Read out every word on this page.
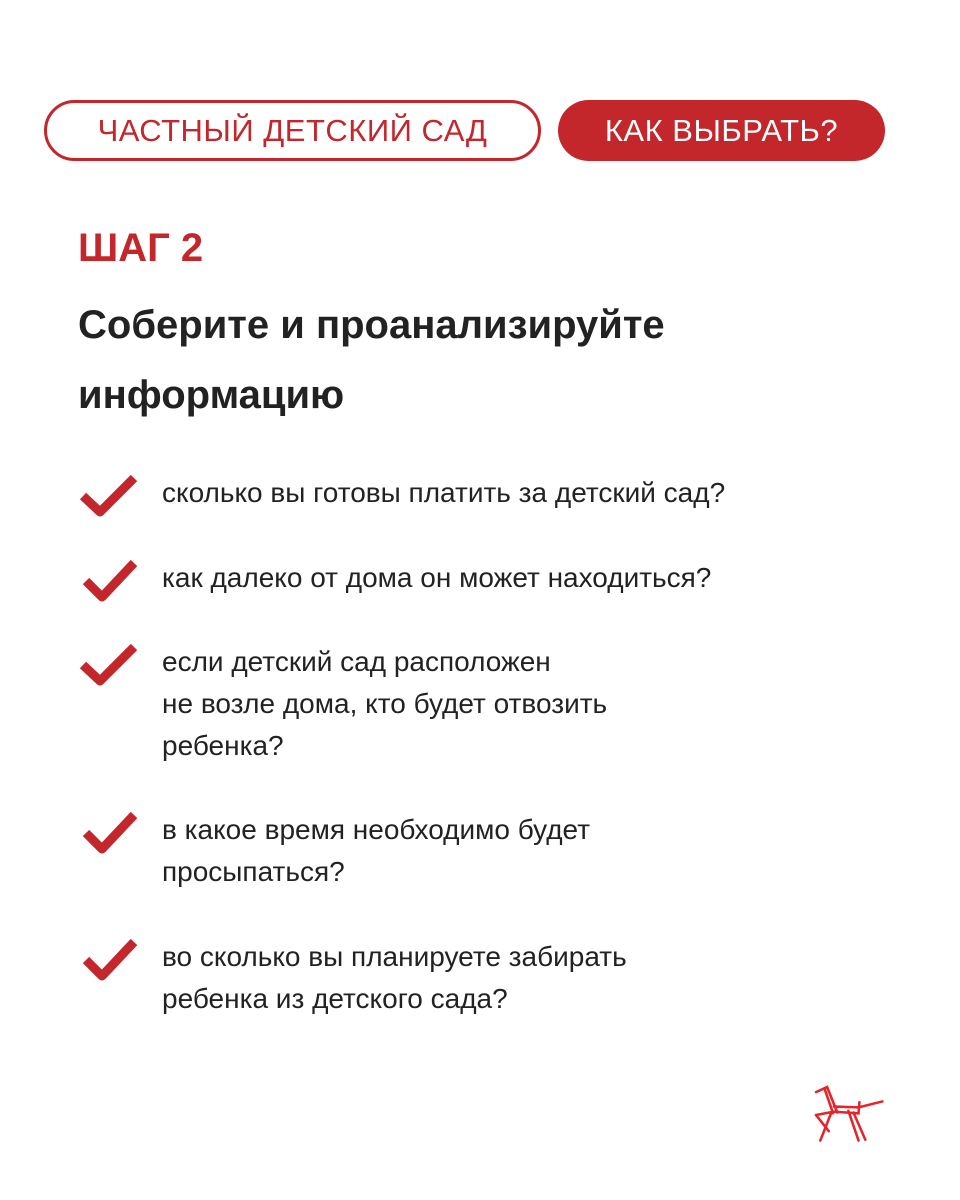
ЧАСТНЫЙ ДЕТСКИЙ САД	КАК ВЫБРАТЬ?
ШАГ 2
Соберите и проанализируйте информацию
сколько вы готовы платить за детский сад?
как далеко от дома он может находиться?
если детский сад расположен
не возле дома, кто будет отвозить
ребенка?
в какое время необходимо будет
просыпаться?
во сколько вы планируете забирать
ребенка из детского сада?
